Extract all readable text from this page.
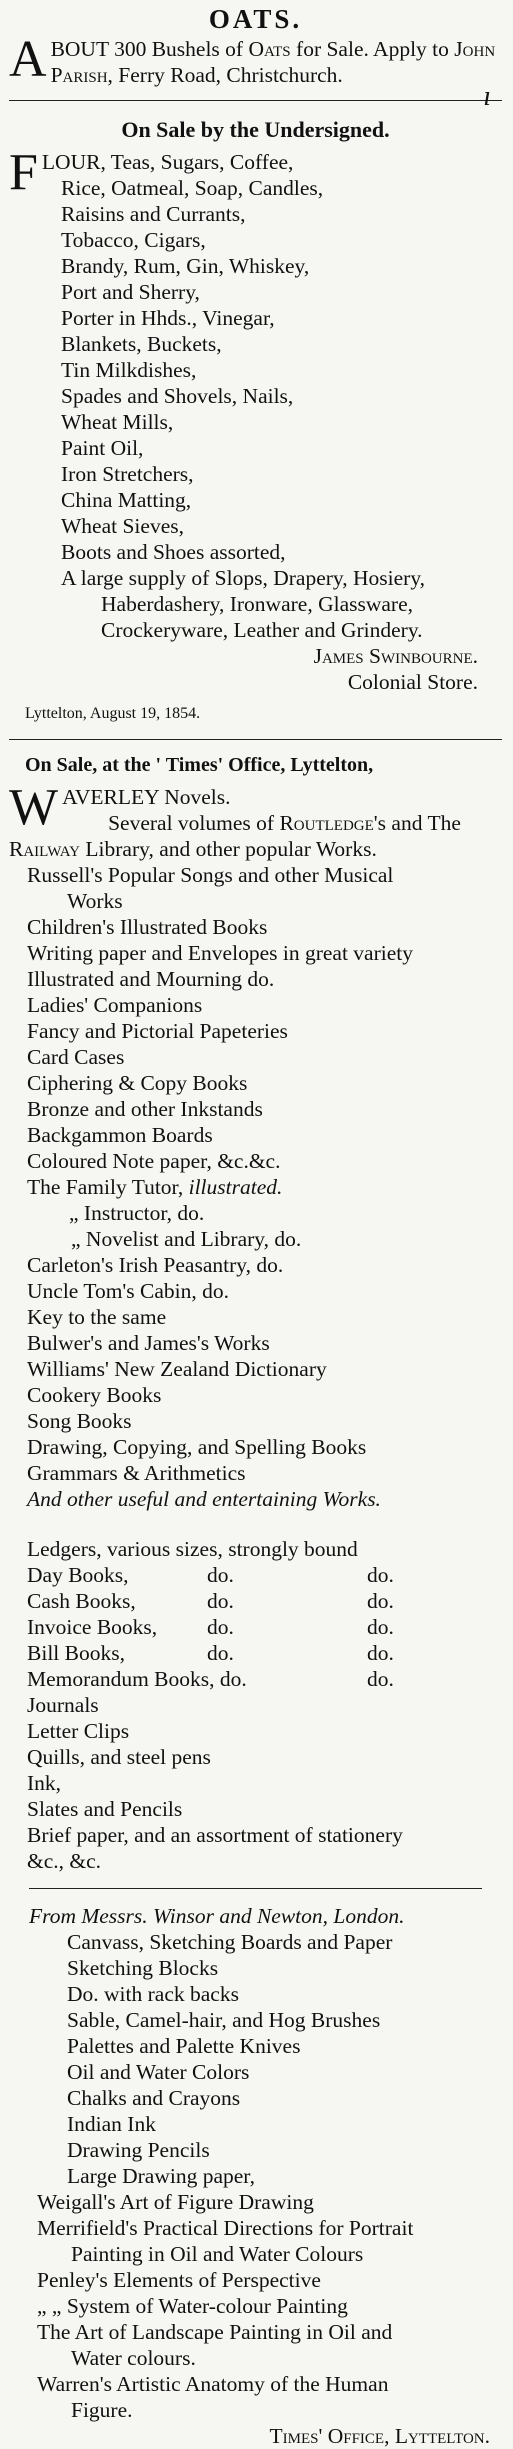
OATS.

ABOUT 300 Bushels of Oats for Sale. Apply to John Parish, Ferry Road, Christchurch.

On Sale by the Undersigned.
ı
FLOUR, Teas, Sugars, Coffee,
Rice, Oatmeal, Soap, Candles,
Raisins and Currants,
Tobacco, Cigars,
Brandy, Rum, Gin, Whiskey,
Port and Sherry,
Porter in Hhds., Vinegar,
Blankets, Buckets,
Tin Milkdishes,
Spades and Shovels, Nails,
Wheat Mills,
Paint Oil,
Iron Stretchers,
China Matting,
Wheat Sieves,
Boots and Shoes assorted,
A large supply of Slops, Drapery, Hosiery,
Haberdashery, Ironware, Glassware,
Crockeryware, Leather and Grindery.
James Swinbourne.
Colonial Store.
Lyttelton, August 19, 1854.
On Sale, at the ' Times' Office, Lyttelton,

WAVERLEY Novels.
Several volumes of Routledge's and The Railway Library, and other popular Works.

Russell's Popular Songs and other Musical
Works
Children's Illustrated Books
Writing paper and Envelopes in great variety
Illustrated and Mourning do.
Ladies' Companions
Fancy and Pictorial Papeteries
Card Cases
Ciphering & Copy Books
Bronze and other Inkstands
Backgammon Boards
Coloured Note paper, &c.&c.
The Family Tutor, illustrated.
„ Instructor, do.
„ Novelist and Library, do.
Carleton's Irish Peasantry, do.
Uncle Tom's Cabin, do.
Key to the same
Bulwer's and James's Works
Williams' New Zealand Dictionary
Cookery Books
Song Books
Drawing, Copying, and Spelling Books
Grammars & Arithmetics
And other useful and entertaining Works.
Ledgers, various sizes, strongly bound
Day Books,	do.	do.
Cash Books,	do.	do.
Invoice Books, do.	do.
Bill Books,	do.	do.
Memorandum Books, do.	do.
Journals
Letter Clips
Quills, and steel pens
Ink,
Slates and Pencils
Brief paper, and an assortment of stationery
&c., &c.
From Messrs. Winsor and Newton, London.
Canvass, Sketching Boards and Paper
Sketching Blocks
Do. with rack backs
Sable, Camel-hair, and Hog Brushes
Palettes and Palette Knives
Oil and Water Colors
Chalks and Crayons
Indian Ink
Drawing Pencils
Large Drawing paper,
Weigall's Art of Figure Drawing
Merrifield's Practical Directions for Portrait
Painting in Oil and Water Colours
Penley's Elements of Perspective
„ „ System of Water-colour Painting
The Art of Landscape Painting in Oil and
Water colours.
Warren's Artistic Anatomy of the Human
Figure.
Times' Office, Lyttelton.
